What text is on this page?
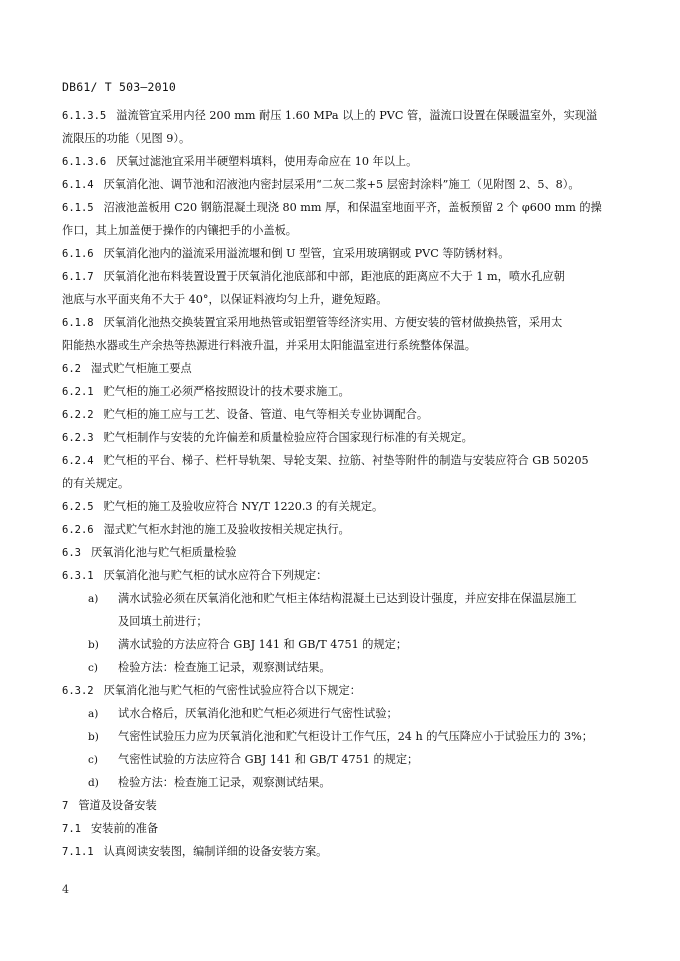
DB61/ T 503—2010
6.1.3.5 溢流管宜采用内径 200 mm 耐压 1.60 MPa 以上的 PVC 管，溢流口设置在保暖温室外，实现溢
流限压的功能（见图 9）。
6.1.3.6 厌氧过滤池宜采用半硬塑料填料，使用寿命应在 10 年以上。
6.1.4 厌氧消化池、调节池和沼液池内密封层采用“二灰二浆+5 层密封涂料”施工（见附图 2、5、8）。
6.1.5 沼液池盖板用 C20 钢筋混凝土现浇 80 mm 厚，和保温室地面平齐，盖板预留 2 个 φ600 mm 的操
作口，其上加盖便于操作的内镶把手的小盖板。
6.1.6 厌氧消化池内的溢流采用溢流堰和倒 U 型管，宜采用玻璃钢或 PVC 等防锈材料。
6.1.7 厌氧消化池布料装置设置于厌氧消化池底部和中部，距池底的距离应不大于 1 m，喷水孔应朝
池底与水平面夹角不大于 40°，以保证料液均匀上升，避免短路。
6.1.8 厌氧消化池热交换装置宜采用地热管或铝塑管等经济实用、方便安装的管材做换热管，采用太
阳能热水器或生产余热等热源进行料液升温，并采用太阳能温室进行系统整体保温。
6.2 湿式贮气柜施工要点
6.2.1 贮气柜的施工必须严格按照设计的技术要求施工。
6.2.2 贮气柜的施工应与工艺、设备、管道、电气等相关专业协调配合。
6.2.3 贮气柜制作与安装的允许偏差和质量检验应符合国家现行标准的有关规定。
6.2.4 贮气柜的平台、梯子、栏杆导轨架、导轮支架、拉筋、衬垫等附件的制造与安装应符合 GB 50205
的有关规定。
6.2.5 贮气柜的施工及验收应符合 NY/T 1220.3 的有关规定。
6.2.6 湿式贮气柜水封池的施工及验收按相关规定执行。
6.3 厌氧消化池与贮气柜质量检验
6.3.1 厌氧消化池与贮气柜的试水应符合下列规定：
a) 满水试验必须在厌氧消化池和贮气柜主体结构混凝土已达到设计强度，并应安排在保温层施工
及回填土前进行；
b) 满水试验的方法应符合 GBJ 141 和 GB/T 4751 的规定；
c) 检验方法：检查施工记录，观察测试结果。
6.3.2 厌氧消化池与贮气柜的气密性试验应符合以下规定：
a) 试水合格后，厌氧消化池和贮气柜必须进行气密性试验；
b) 气密性试验压力应为厌氧消化池和贮气柜设计工作气压，24 h 的气压降应小于试验压力的 3%；
c) 气密性试验的方法应符合 GBJ 141 和 GB/T 4751 的规定；
d) 检验方法：检查施工记录，观察测试结果。
7 管道及设备安装
7.1 安装前的准备
7.1.1 认真阅读安装图，编制详细的设备安装方案。
4
